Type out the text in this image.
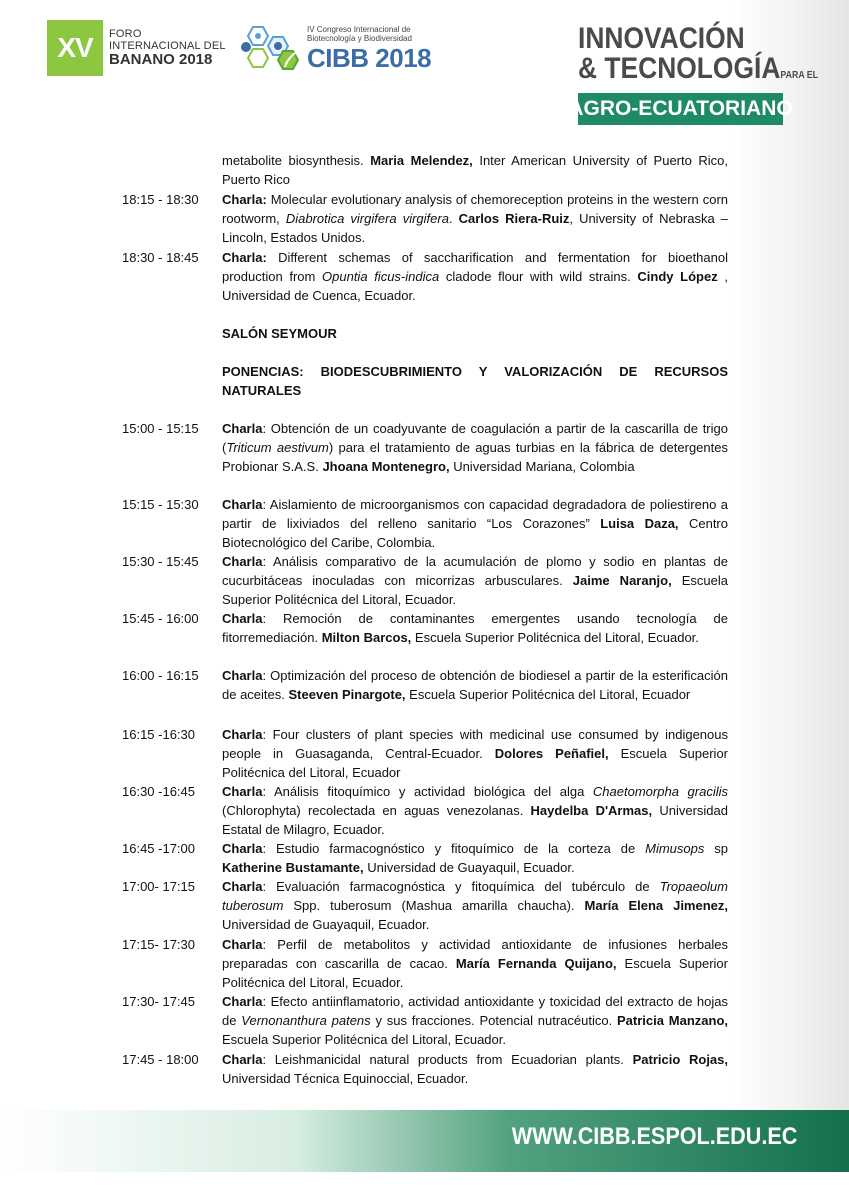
XV	FORO
INTERNACIONAL DEL
BANANO 2018
IV Congreso Internacional de
Biotecnología y Biodiversidad
CIBB 2018
INNOVACIÓN
& TECNOLOGÍAPARA EL
AGRO-ECUATORIANO
metabolite biosynthesis. Maria Melendez, Inter American University of Puerto Rico, Puerto Rico
18:15 - 18:30	Charla: Molecular evolutionary analysis of chemoreception proteins in the western corn rootworm, Diabrotica virgifera virgifera. Carlos Riera-Ruiz, University of Nebraska – Lincoln, Estados Unidos.
18:30 - 18:45	Charla: Different schemas of saccharification and fermentation for bioethanol production from Opuntia ficus-indica cladode flour with wild strains. Cindy López , Universidad de Cuenca, Ecuador.
SALÓN SEYMOUR
PONENCIAS: BIODESCUBRIMIENTO Y VALORIZACIÓN DE RECURSOS NATURALES
15:00 - 15:15	Charla: Obtención de un coadyuvante de coagulación a partir de la cascarilla de trigo (Triticum aestivum) para el tratamiento de aguas turbias en la fábrica de detergentes Probionar S.A.S. Jhoana Montenegro, Universidad Mariana, Colombia
15:15 - 15:30	Charla: Aislamiento de microorganismos con capacidad degradadora de poliestireno a partir de lixiviados del relleno sanitario “Los Corazones” Luisa Daza, Centro Biotecnológico del Caribe, Colombia.
15:30 - 15:45	Charla: Análisis comparativo de la acumulación de plomo y sodio en plantas de cucurbitáceas inoculadas con micorrizas arbusculares. Jaime Naranjo, Escuela Superior Politécnica del Litoral, Ecuador.
15:45 - 16:00	Charla: Remoción de contaminantes emergentes usando tecnología de fitorremediación. Milton Barcos, Escuela Superior Politécnica del Litoral, Ecuador.
16:00 - 16:15	Charla: Optimización del proceso de obtención de biodiesel a partir de la esterificación de aceites. Steeven Pinargote, Escuela Superior Politécnica del Litoral, Ecuador
16:15 -16:30	Charla: Four clusters of plant species with medicinal use consumed by indigenous people in Guasaganda, Central-Ecuador. Dolores Peñafiel, Escuela Superior Politécnica del Litoral, Ecuador
16:30 -16:45	Charla: Análisis fitoquímico y actividad biológica del alga Chaetomorpha gracilis (Chlorophyta) recolectada en aguas venezolanas. Haydelba D'Armas, Universidad Estatal de Milagro, Ecuador.
16:45 -17:00	Charla: Estudio farmacognóstico y fitoquímico de la corteza de Mimusops sp Katherine Bustamante, Universidad de Guayaquil, Ecuador.
17:00- 17:15	Charla: Evaluación farmacognóstica y fitoquímica del tubérculo de Tropaeolum tuberosum Spp. tuberosum (Mashua amarilla chaucha). María Elena Jimenez, Universidad de Guayaquil, Ecuador.
17:15- 17:30	Charla: Perfil de metabolitos y actividad antioxidante de infusiones herbales preparadas con cascarilla de cacao. María Fernanda Quijano, Escuela Superior Politécnica del Litoral, Ecuador.
17:30- 17:45	Charla: Efecto antiinflamatorio, actividad antioxidante y toxicidad del extracto de hojas de Vernonanthura patens y sus fracciones. Potencial nutracéutico. Patricia Manzano, Escuela Superior Politécnica del Litoral, Ecuador.
17:45 - 18:00	Charla: Leishmanicidal natural products from Ecuadorian plants. Patricio Rojas, Universidad Técnica Equinoccial, Ecuador.
WWW.CIBB.ESPOL.EDU.EC
